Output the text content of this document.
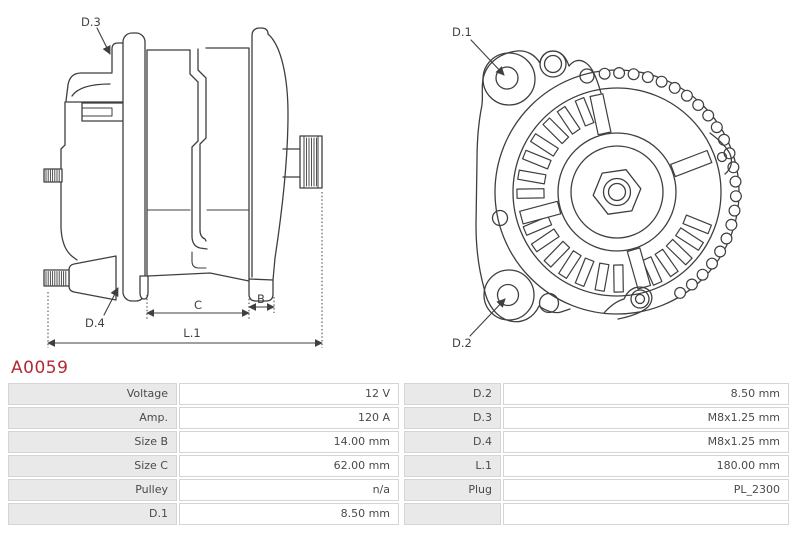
D.3
D.4
C	B
L.1
D.1
D.2
A0059
Voltage	12 V	D.2	8.50 mm
Amp.	120 A	D.3	M8x1.25 mm
Size B	14.00 mm	D.4	M8x1.25 mm
Size C	62.00 mm	L.1	180.00 mm
Pulley	n/a	Plug	PL_2300
D.1	8.50 mm
